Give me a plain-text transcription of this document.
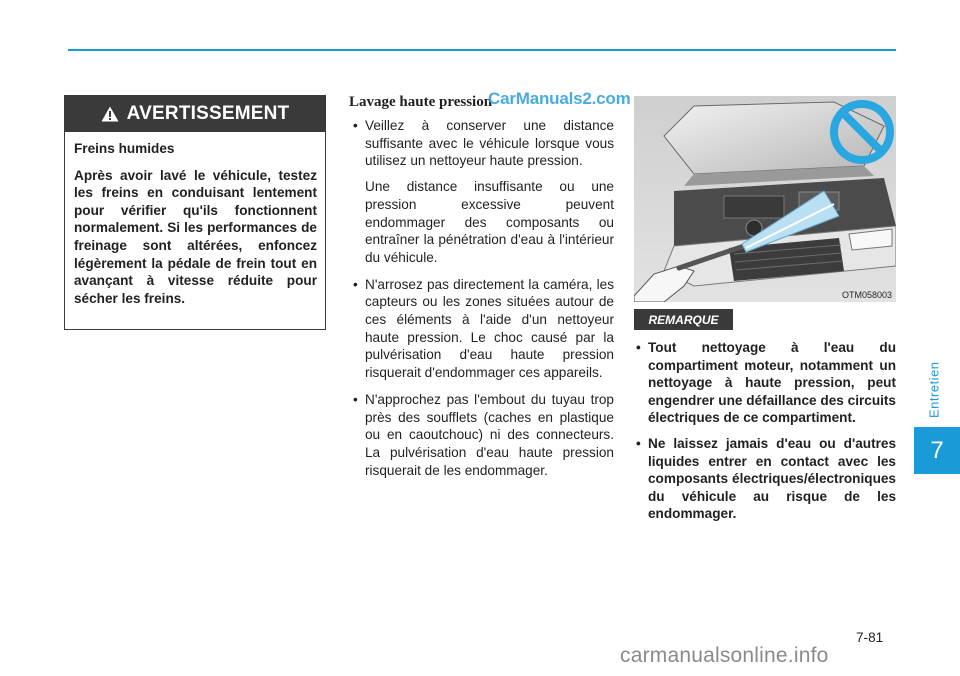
AVERTISSEMENT
Freins humides
Après avoir lavé le véhicule, testez les freins en conduisant lentement pour vérifier qu'ils fonctionnent normalement. Si les performances de freinage sont altérées, enfoncez légèrement la pédale de frein tout en avançant à vitesse réduite pour sécher les freins.
Lavage haute pression

• Veillez à conserver une distance suffisante avec le véhicule lorsque vous utilisez un nettoyeur haute pression.

Une distance insuffisante ou une pression excessive peuvent endommager des composants ou entraîner la pénétration d'eau à l'intérieur du véhicule.

• N'arrosez pas directement la caméra, les capteurs ou les zones situées autour de ces éléments à l'aide d'un nettoyeur haute pression. Le choc causé par la pulvérisation d'eau haute pression risquerait d'endommager ces appareils.

• N'approchez pas l'embout du tuyau trop près des soufflets (caches en plastique ou en caoutchouc) ni des connecteurs. La pulvérisation d'eau haute pression risquerait de les endommager.

CarManuals2.com
OTM058003
REMARQUE
• Tout nettoyage à l'eau du compartiment moteur, notamment un nettoyage à haute pression, peut engendrer une défaillance des circuits électriques de ce compartiment.
• Ne laissez jamais d'eau ou d'autres liquides entrer en contact avec les composants électriques/électroniques du véhicule au risque de les endommager.
Entretien
7
7-81
carmanualsonline.info
